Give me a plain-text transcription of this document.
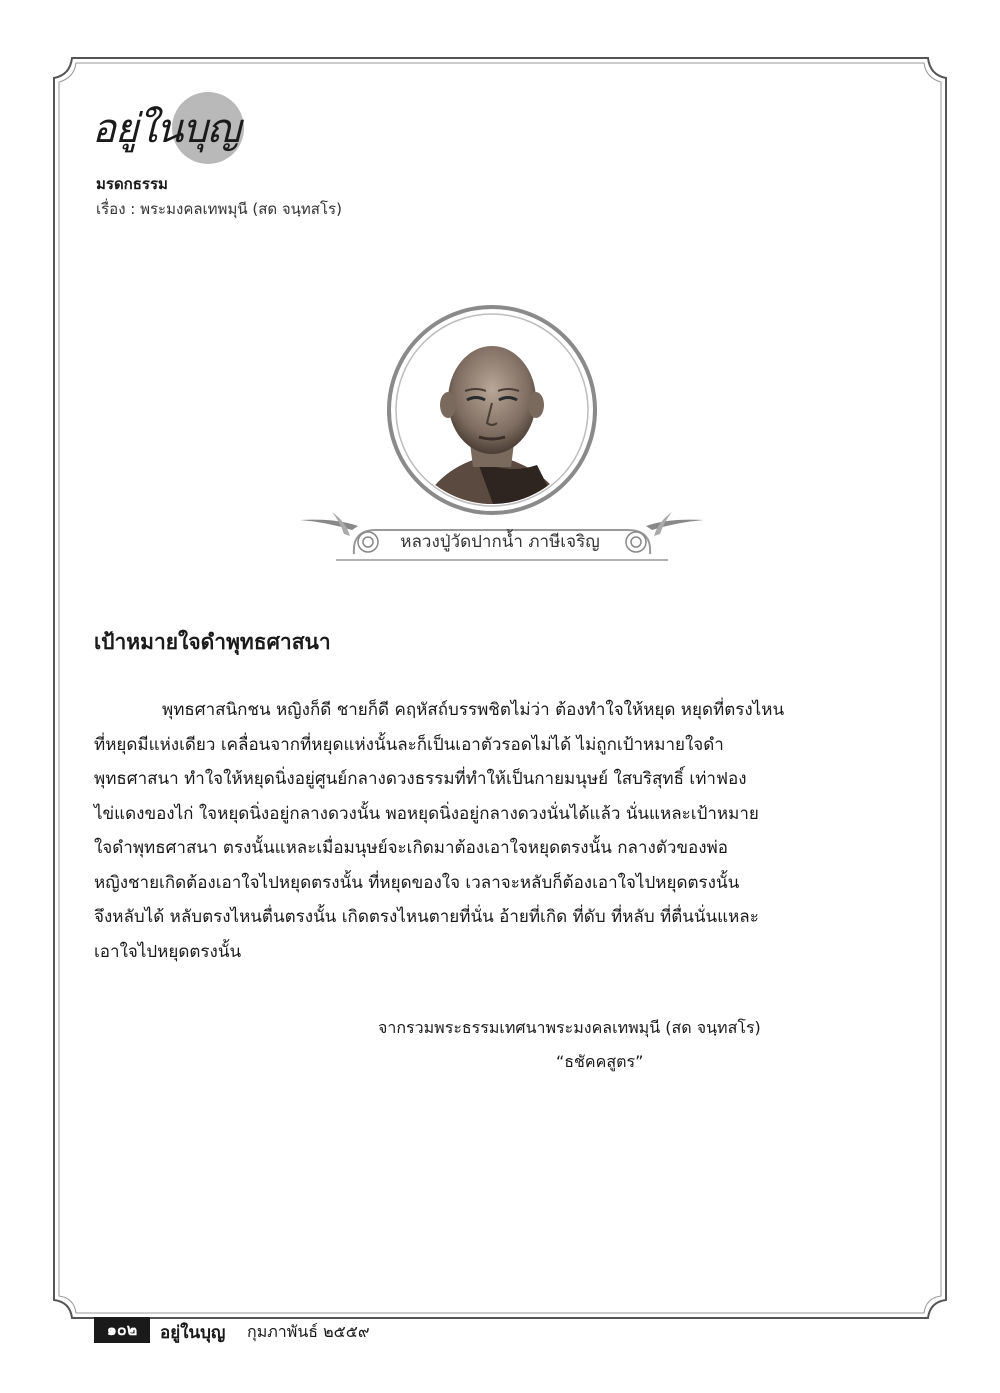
อยู่ในบุญ
มรดกธรรม
เรื่อง : พระมงคลเทพมุนี (สด จนฺทสโร)
หลวงปู่วัดปากน้ำ ภาษีเจริญ
เป้าหมายใจดำพุทธศาสนา
พุทธศาสนิกชน หญิงก็ดี ชายก็ดี คฤหัสถ์บรรพชิตไม่ว่า ต้องทำใจให้หยุด หยุดที่ตรงไหน
ที่หยุดมีแห่งเดียว เคลื่อนจากที่หยุดแห่งนั้นละก็เป็นเอาตัวรอดไม่ได้ ไม่ถูกเป้าหมายใจดำ
พุทธศาสนา ทำใจให้หยุดนิ่งอยู่ศูนย์กลางดวงธรรมที่ทำให้เป็นกายมนุษย์ ใสบริสุทธิ์ เท่าฟอง
ไข่แดงของไก่ ใจหยุดนิ่งอยู่กลางดวงนั้น พอหยุดนิ่งอยู่กลางดวงนั่นได้แล้ว นั่นแหละเป้าหมาย
ใจดำพุทธศาสนา ตรงนั้นแหละเมื่อมนุษย์จะเกิดมาต้องเอาใจหยุดตรงนั้น กลางตัวของพ่อ
หญิงชายเกิดต้องเอาใจไปหยุดตรงนั้น ที่หยุดของใจ เวลาจะหลับก็ต้องเอาใจไปหยุดตรงนั้น
จึงหลับได้ หลับตรงไหนตื่นตรงนั้น เกิดตรงไหนตายที่นั่น อ้ายที่เกิด ที่ดับ ที่หลับ ที่ตื่นนั่นแหละ
เอาใจไปหยุดตรงนั้น
จากรวมพระธรรมเทศนาพระมงคลเทพมุนี (สด จนฺทสโร)
“ธชัคคสูตร”
๑๐๒	อยู่ในบุญ กุมภาพันธ์ ๒๕๕๙
